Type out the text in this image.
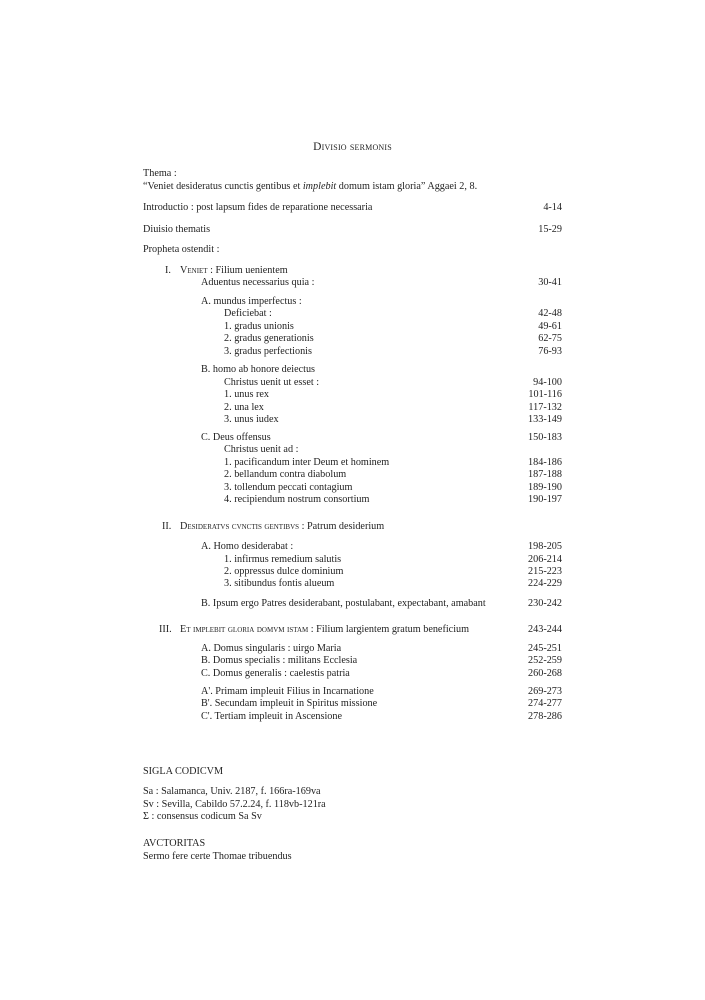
Divisio sermonis
Thema :
“Veniet desideratus cunctis gentibus et implebit domum istam gloria” Aggaei 2, 8.
Introductio : post lapsum fides de reparatione necessaria	4-14
Diuisio thematis	15-29
Propheta ostendit :
I. Veniet : Filium uenientem
Aduentus necessarius quia :	30-41
A. mundus imperfectus :
Deficiebat :	42-48
1. gradus unionis	49-61
2. gradus generationis	62-75
3. gradus perfectionis	76-93
B. homo ab honore deiectus
Christus uenit ut esset :	94-100
1. unus rex	101-116
2. una lex	117-132
3. unus iudex	133-149
C. Deus offensus	150-183
Christus uenit ad :
1. pacificandum inter Deum et hominem	184-186
2. bellandum contra diabolum	187-188
3. tollendum peccati contagium	189-190
4. recipiendum nostrum consortium	190-197
II. Desideratvs cvnctis gentibvs : Patrum desiderium
A. Homo desiderabat :	198-205
1. infirmus remedium salutis	206-214
2. oppressus dulce dominium	215-223
3. sitibundus fontis alueum	224-229
B. Ipsum ergo Patres desiderabant, postulabant, expectabant, amabant	230-242
III. Et implebit gloria domvm istam : Filium largientem gratum beneficium	243-244
A. Domus singularis : uirgo Maria	245-251
B. Domus specialis : militans Ecclesia	252-259
C. Domus generalis : caelestis patria	260-268
A'. Primam impleuit Filius in Incarnatione	269-273
B'. Secundam impleuit in Spiritus missione	274-277
C'. Tertiam impleuit in Ascensione	278-286
SIGLA CODICVM
Sa : Salamanca, Univ. 2187, f. 166ra-169va
Sv : Sevilla, Cabildo 57.2.24, f. 118vb-121ra
Σ : consensus codicum Sa Sv
AVCTORITAS
Sermo fere certe Thomae tribuendus
